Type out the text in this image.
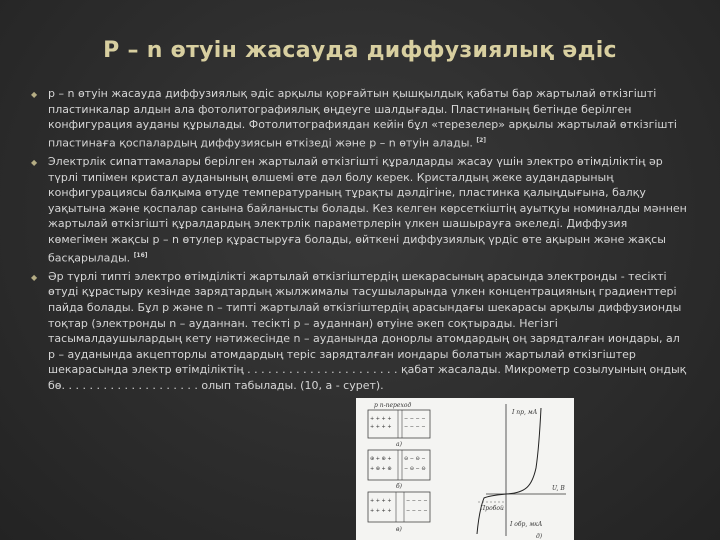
P – n өтуін жасауда диффузиялық әдіс
◆ p – n өтуін жасауда диффузиялық әдіс арқылы қорғайтын қышқылдық қабаты бар жартылай өткізгішті пластинкалар алдын ала фотолитографиялық өңдеуге шалдығады. Пластинаның бетінде берілген конфигурация ауданы құрылады. Фотолитографиядан кейін бұл «терезелер» арқылы жартылай өткізгішті пластинаға қоспалардың диффузиясын өткізеді және p – n өтуін алады. [2]
◆ Электрлік сипаттамалары берілген жартылай өткізгішті құралдарды жасау үшін электро өтімділіктің әр түрлі типімен кристал ауданының өлшемі өте дәл болу керек. Кристалдың жеке аудандарының конфигурациясы балқыма өтуде температураның тұрақты дәлдігіне, пластинка қалыңдығына, балқу уақытына және қоспалар санына байланысты болады. Кез келген көрсеткіштің ауытқуы номиналды мәннен жартылай өткізгішті құралдардың электрлік параметрлерін үлкен шашырауға әкеледі. Диффузия көмегімен жақсы p – n өтулер құрастыруға болады, өйткені диффузиялық үрдіс өте ақырын және жақсы басқарылады. [16]
◆ Әр түрлі типті электро өтімділікті жартылай өткізгіштердің шекарасының арасында электронды - тесікті өтуді құрастыру кезінде зарядтардың жылжималы тасушыларында үлкен концентрацияның градиенттері пайда болады. Бұл p және n – типті жартылай өткізгіштердің арасындағы шекарасы арқылы диффузионды тоқтар (электронды n – ауданнан. тесікті p – ауданнан) өтуіне әкеп соқтырады. Негізгі тасымалдаушылардың кету нәтижесінде n – ауданында донорлы атомдардың оң зарядталған иондары, ал p – ауданында акцепторлы атомдардың теріс зарядталған иондары болатын жартылай өткізгіштер шекарасында электр өтімділіктің . . . . . . . . . . . . . . . . . . . . . . қабат жасалады. Микрометр созылуының ондық бө. . . . . . . . . . . . . . . . . . . . олып табылады. (10, а - сурет).
p n-переход
+ + + +
+ + + +
− − − −
− − − −
а)
⊕ + ⊕ +
+ ⊕ + ⊕
⊖ − ⊖ −
− ⊖ − ⊖
б)
+ + + +
+ + + +
− − − −
− − − −
в)
I пр, мА
U, B
Пробой
I обр, мкА
д)
